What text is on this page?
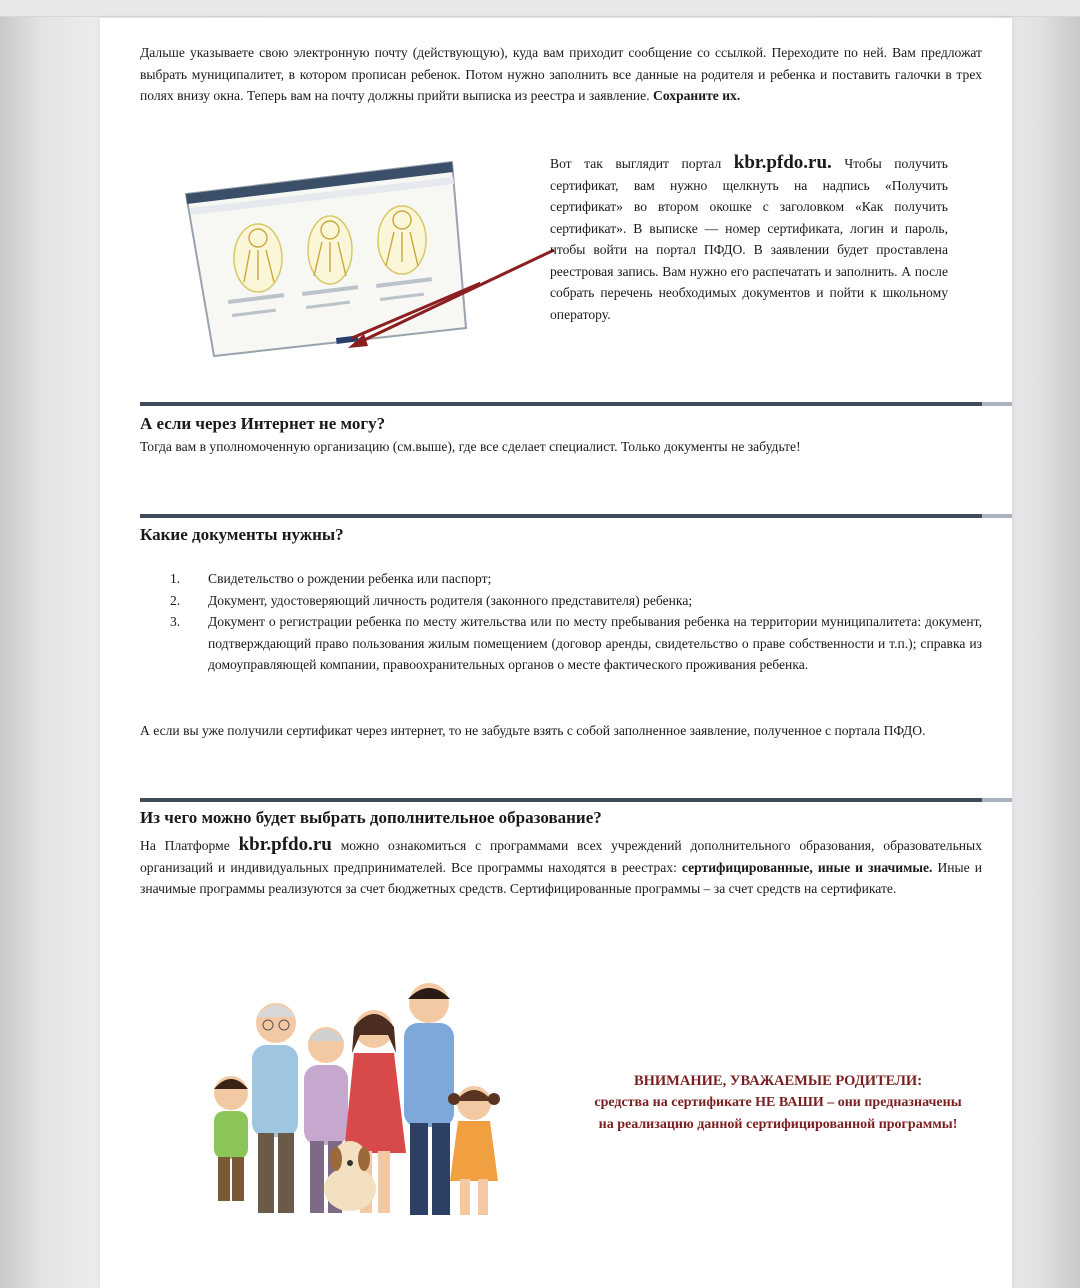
Дальше указываете свою электронную почту (действующую), куда вам приходит сообщение со ссылкой. Переходите по ней. Вам предложат выбрать муниципалитет, в котором прописан ребенок. Потом нужно заполнить все данные на родителя и ребенка и поставить галочки в трех полях внизу окна. Теперь вам на почту должны прийти выписка из реестра и заявление. Сохраните их.

Вот так выглядит портал kbr.pfdo.ru. Чтобы получить сертификат, вам нужно щелкнуть на надпись «Получить сертификат» во втором окошке с заголовком «Как получить сертификат». В выписке — номер сертификата, логин и пароль, чтобы войти на портал ПФДО. В заявлении будет проставлена реестровая запись. Вам нужно его распечатать и заполнить. А после собрать перечень необходимых документов и пойти к школьному оператору.

А если через Интернет не могу?

Тогда вам в уполномоченную организацию (см.выше), где все сделает специалист. Только документы не забудьте!

Какие документы нужны?
1. Свидетельство о рождении ребенка или паспорт;
2. Документ, удостоверяющий личность родителя (законного представителя) ребенка;
3. Документ о регистрации ребенка по месту жительства или по месту пребывания ребенка на территории муниципалитета: документ, подтверждающий право пользования жилым помещением (договор аренды, свидетельство о праве собственности и т.п.); справка из домоуправляющей компании, правоохранительных органов о месте фактического проживания ребенка.

А если вы уже получили сертификат через интернет, то не забудьте взять с собой заполненное заявление, полученное с портала ПФДО.

Из чего можно будет выбрать дополнительное образование?

На Платформе kbr.pfdo.ru можно ознакомиться с программами всех учреждений дополнительного образования, образовательных организаций и индивидуальных предпринимателей. Все программы находятся в реестрах: сертифицированные, иные и значимые. Иные и значимые программы реализуются за счет бюджетных средств. Сертифицированные программы – за счет средств на сертификате.

ВНИМАНИЕ, УВАЖАЕМЫЕ РОДИТЕЛИ:
средства на сертификате НЕ ВАШИ – они предназначены на реализацию данной сертифицированной программы!
